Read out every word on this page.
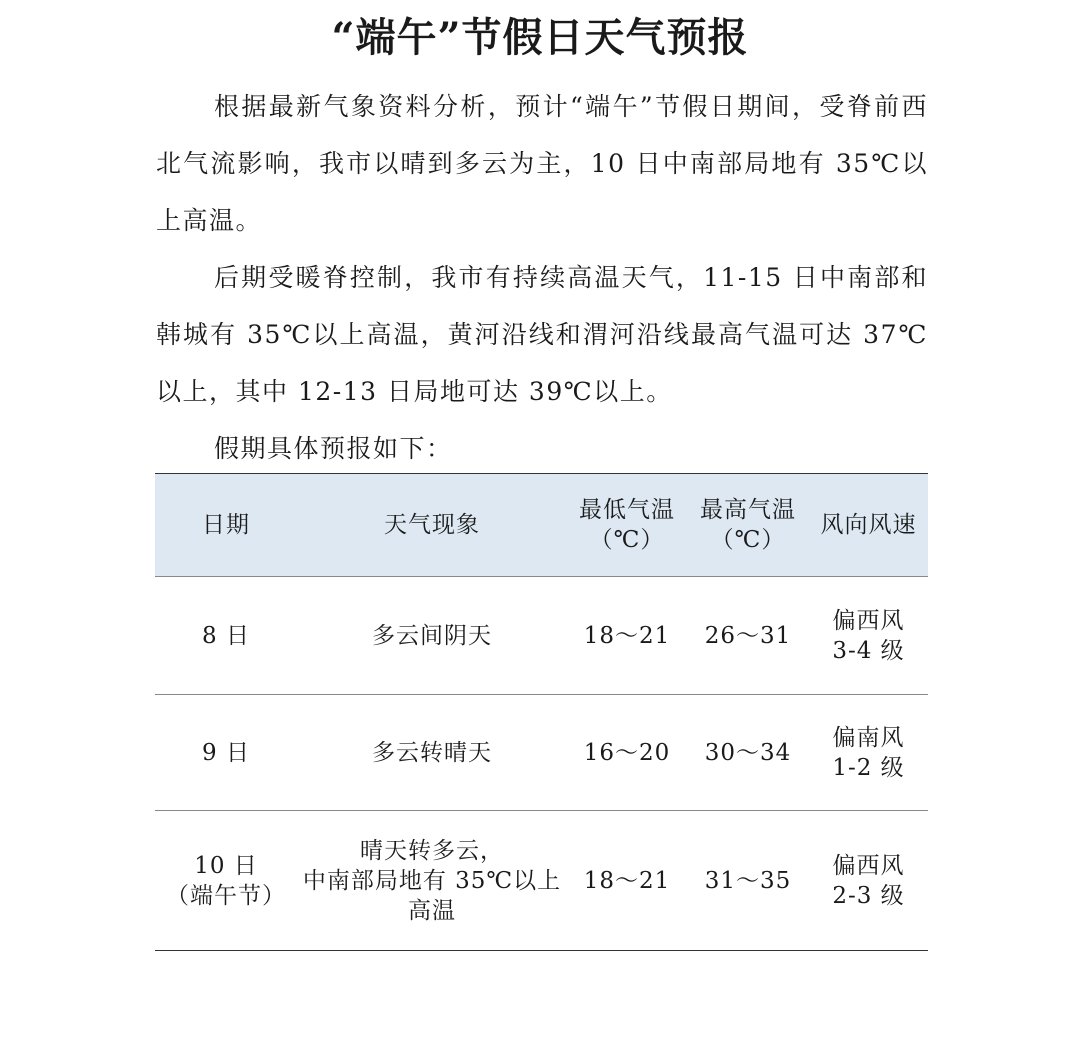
“端午”节假日天气预报

根据最新气象资料分析，预计“端午”节假日期间，受脊前西北气流影响，我市以晴到多云为主，10 日中南部局地有 35℃以上高温。

后期受暖脊控制，我市有持续高温天气，11-15 日中南部和韩城有 35℃以上高温，黄河沿线和渭河沿线最高气温可达 37℃以上，其中 12-13 日局地可达 39℃以上。

假期具体预报如下：

日期	天气现象	最低气温
（℃）	最高气温
（℃）	风向风速

8 日	多云间阴天	18～21	26～31	偏西风
3-4 级

9 日	多云转晴天	16～20	30～34	偏南风
1-2 级

10 日
（端午节）	晴天转多云，
中南部局地有 35℃以上
高温	18～21	31～35	偏西风
2-3 级
